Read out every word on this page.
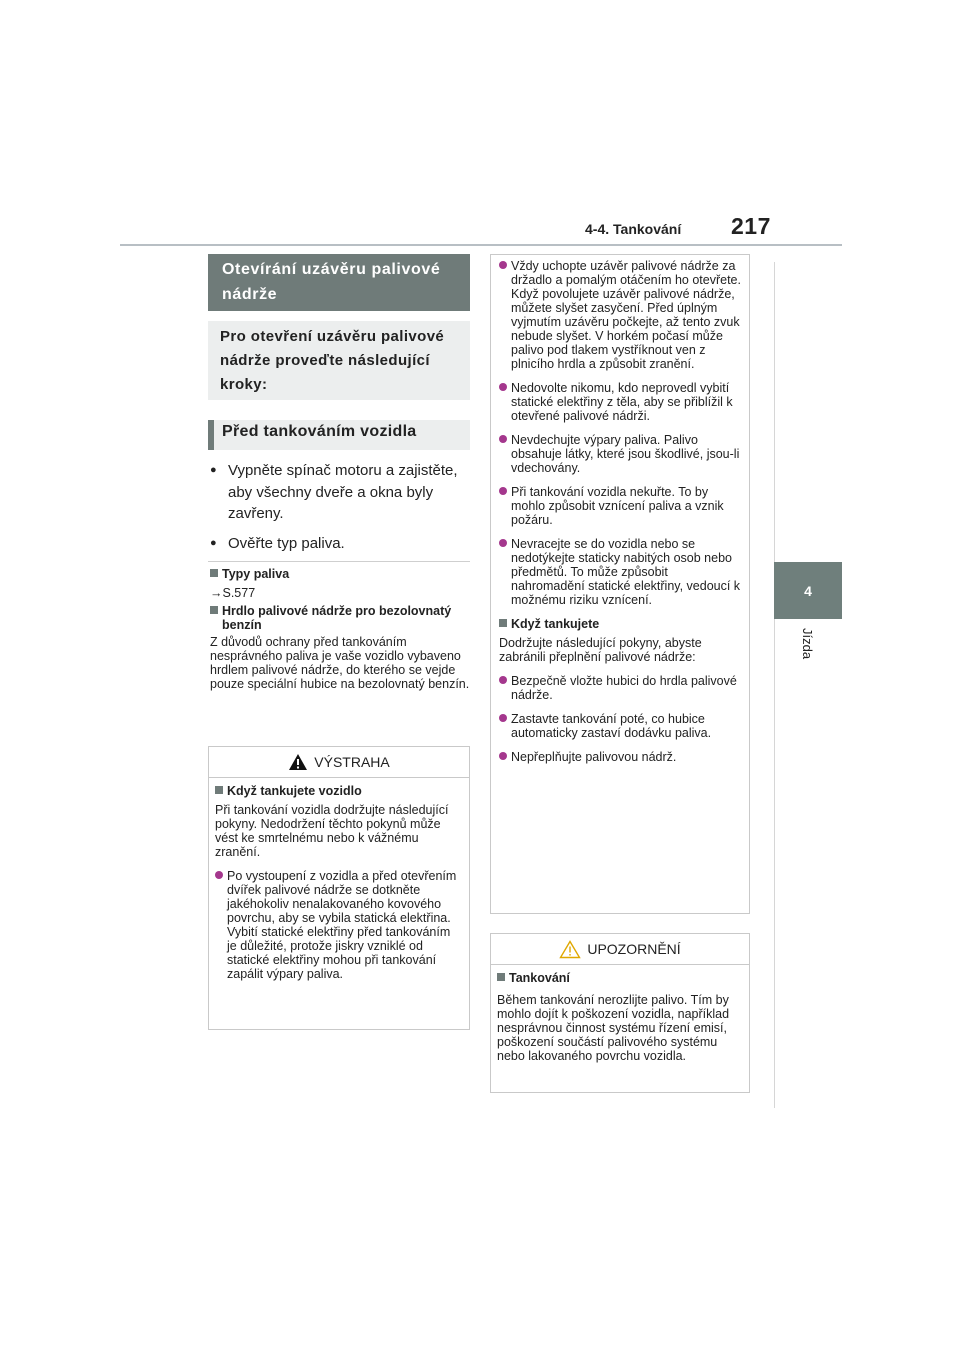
4-4. Tankování 217
4
Jízda
Otevírání uzávěru palivové nádrže
Pro otevření uzávěru palivové nádrže proveďte následující kroky:
Před tankováním vozidla
● Vypněte spínač motoru a zajistěte, aby všechny dveře a okna byly zavřeny.
● Ověřte typ paliva.
Typy paliva
→S.577
Hrdlo palivové nádrže pro bezolovnatý benzín
Z důvodů ochrany před tankováním nesprávného paliva je vaše vozidlo vybaveno hrdlem palivové nádrže, do kterého se vejde pouze speciální hubice na bezolovnatý benzín.
VÝSTRAHA
Když tankujete vozidlo
Při tankování vozidla dodržujte následující pokyny. Nedodržení těchto pokynů může vést ke smrtelnému nebo k vážnému zranění.
Po vystoupení z vozidla a před otevřením dvířek palivové nádrže se dotkněte jakéhokoliv nenalakovaného kovového povrchu, aby se vybila statická elektřina. Vybití statické elektřiny před tankováním je důležité, protože jiskry vzniklé od statické elektřiny mohou při tankování zapálit výpary paliva.
Vždy uchopte uzávěr palivové nádrže za držadlo a pomalým otáčením ho otevřete. Když povolujete uzávěr palivové nádrže, můžete slyšet zasyčení. Před úplným vyjmutím uzávěru počkejte, až tento zvuk nebude slyšet. V horkém počasí může palivo pod tlakem vystříknout ven z plnicího hrdla a způsobit zranění.
Nedovolte nikomu, kdo neprovedl vybití statické elektřiny z těla, aby se přiblížil k otevřené palivové nádrži.
Nevdechujte výpary paliva. Palivo obsahuje látky, které jsou škodlivé, jsou-li vdechovány.
Při tankování vozidla nekuřte. To by mohlo způsobit vznícení paliva a vznik požáru.
Nevracejte se do vozidla nebo se nedotýkejte staticky nabitých osob nebo předmětů. To může způsobit nahromadění statické elektřiny, vedoucí k možnému riziku vznícení.
Když tankujete
Dodržujte následující pokyny, abyste zabránili přeplnění palivové nádrže:
Bezpečně vložte hubici do hrdla palivové nádrže.
Zastavte tankování poté, co hubice automaticky zastaví dodávku paliva.
Nepřeplňujte palivovou nádrž.
UPOZORNĚNÍ
Tankování
Během tankování nerozlijte palivo. Tím by mohlo dojít k poškození vozidla, například nesprávnou činnost systému řízení emisí, poškození součástí palivového systému nebo lakovaného povrchu vozidla.
